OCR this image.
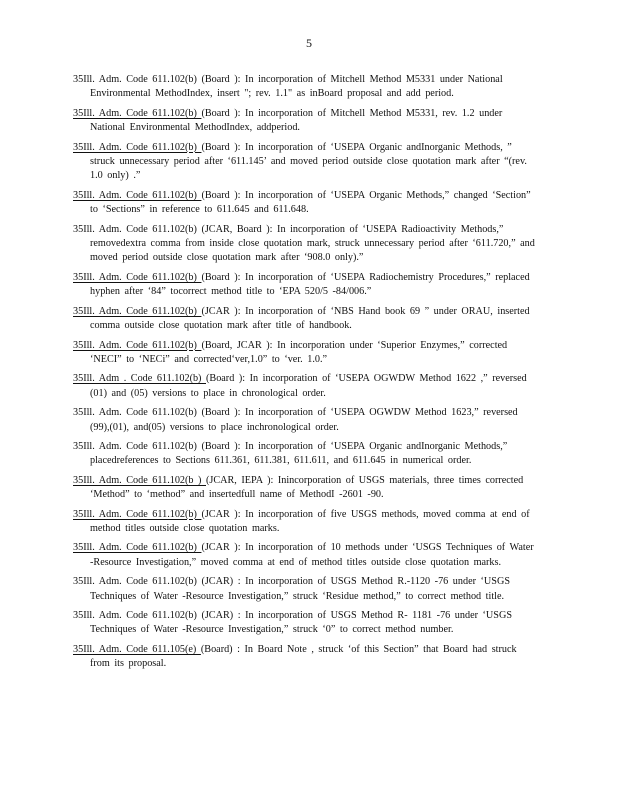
5

35Ill. Adm. Code 611.102(b) (Board ): In incorporation of Mitchell Method M5331 under National Environmental MethodIndex, insert "; rev. 1.1" as inBoard proposal and add period.

35Ill. Adm. Code 611.102(b) (Board ): In incorporation of Mitchell Method M5331, rev. 1.2 under National Environmental MethodIndex, addperiod.

35Ill. Adm. Code 611.102(b) (Board ): In incorporation of ‘USEPA Organic andInorganic Methods, ” struck unnecessary period after ‘611.145’ and moved period outside close quotation mark after “(rev. 1.0 only) .”

35Ill. Adm. Code 611.102(b) (Board ): In incorporation of ‘USEPA Organic Methods,” changed ‘Section” to ‘Sections” in reference to 611.645 and 611.648.

35Ill. Adm. Code 611.102(b) (JCAR, Board ): In incorporation of ‘USEPA Radioactivity Methods,” removedextra comma from inside close quotation mark, struck unnecessary period after ‘611.720,” and moved period outside close quotation mark after ‘908.0 only).”

35Ill. Adm. Code 611.102(b) (Board ): In incorporation of ‘USEPA Radiochemistry Procedures,” replaced hyphen after ‘84” tocorrect method title to ‘EPA 520/5 -84/006.”

35Ill. Adm. Code 611.102(b) (JCAR ): In incorporation of ‘NBS Hand book 69 ” under ORAU, inserted comma outside close quotation mark after title of handbook.

35Ill. Adm. Code 611.102(b) (Board, JCAR ): In incorporation under ‘Superior Enzymes,” corrected ‘NECI” to ‘NECi” and corrected‘ver,1.0” to ‘ver. 1.0.”

35Ill. Adm . Code 611.102(b) (Board ): In incorporation of ‘USEPA OGWDW Method 1622 ,” reversed (01) and (05) versions to place in chronological order.

35Ill. Adm. Code 611.102(b) (Board ): In incorporation of ‘USEPA OGWDW Method 1623,” reversed (99),(01), and(05) versions to place inchronological order.

35Ill. Adm. Code 611.102(b) (Board ): In incorporation of ‘USEPA Organic andInorganic Methods,” placedreferences to Sections 611.361, 611.381, 611.611, and 611.645 in numerical order.

35Ill. Adm. Code 611.102(b ) (JCAR, IEPA ): Inincorporation of USGS materials, three times corrected ‘Method” to ‘method” and insertedfull name of MethodI -2601 -90.

35Ill. Adm. Code 611.102(b) (JCAR ): In incorporation of five USGS methods, moved comma at end of method titles outside close quotation marks.

35Ill. Adm. Code 611.102(b) (JCAR ): In incorporation of 10 methods under ‘USGS Techniques of Water -Resource Investigation,” moved comma at end of method titles outside close quotation marks.

35Ill. Adm. Code 611.102(b) (JCAR) : In incorporation of USGS Method R.-1120 -76 under ‘USGS Techniques of Water -Resource Investigation,” struck ‘Residue method,” to correct method title.

35Ill. Adm. Code 611.102(b) (JCAR) : In incorporation of USGS Method R- 1181 -76 under ‘USGS Techniques of Water -Resource Investigation,” struck ‘0” to correct method number.

35Ill. Adm. Code 611.105(e) (Board) : In Board Note , struck ‘of this Section” that Board had struck from its proposal.
